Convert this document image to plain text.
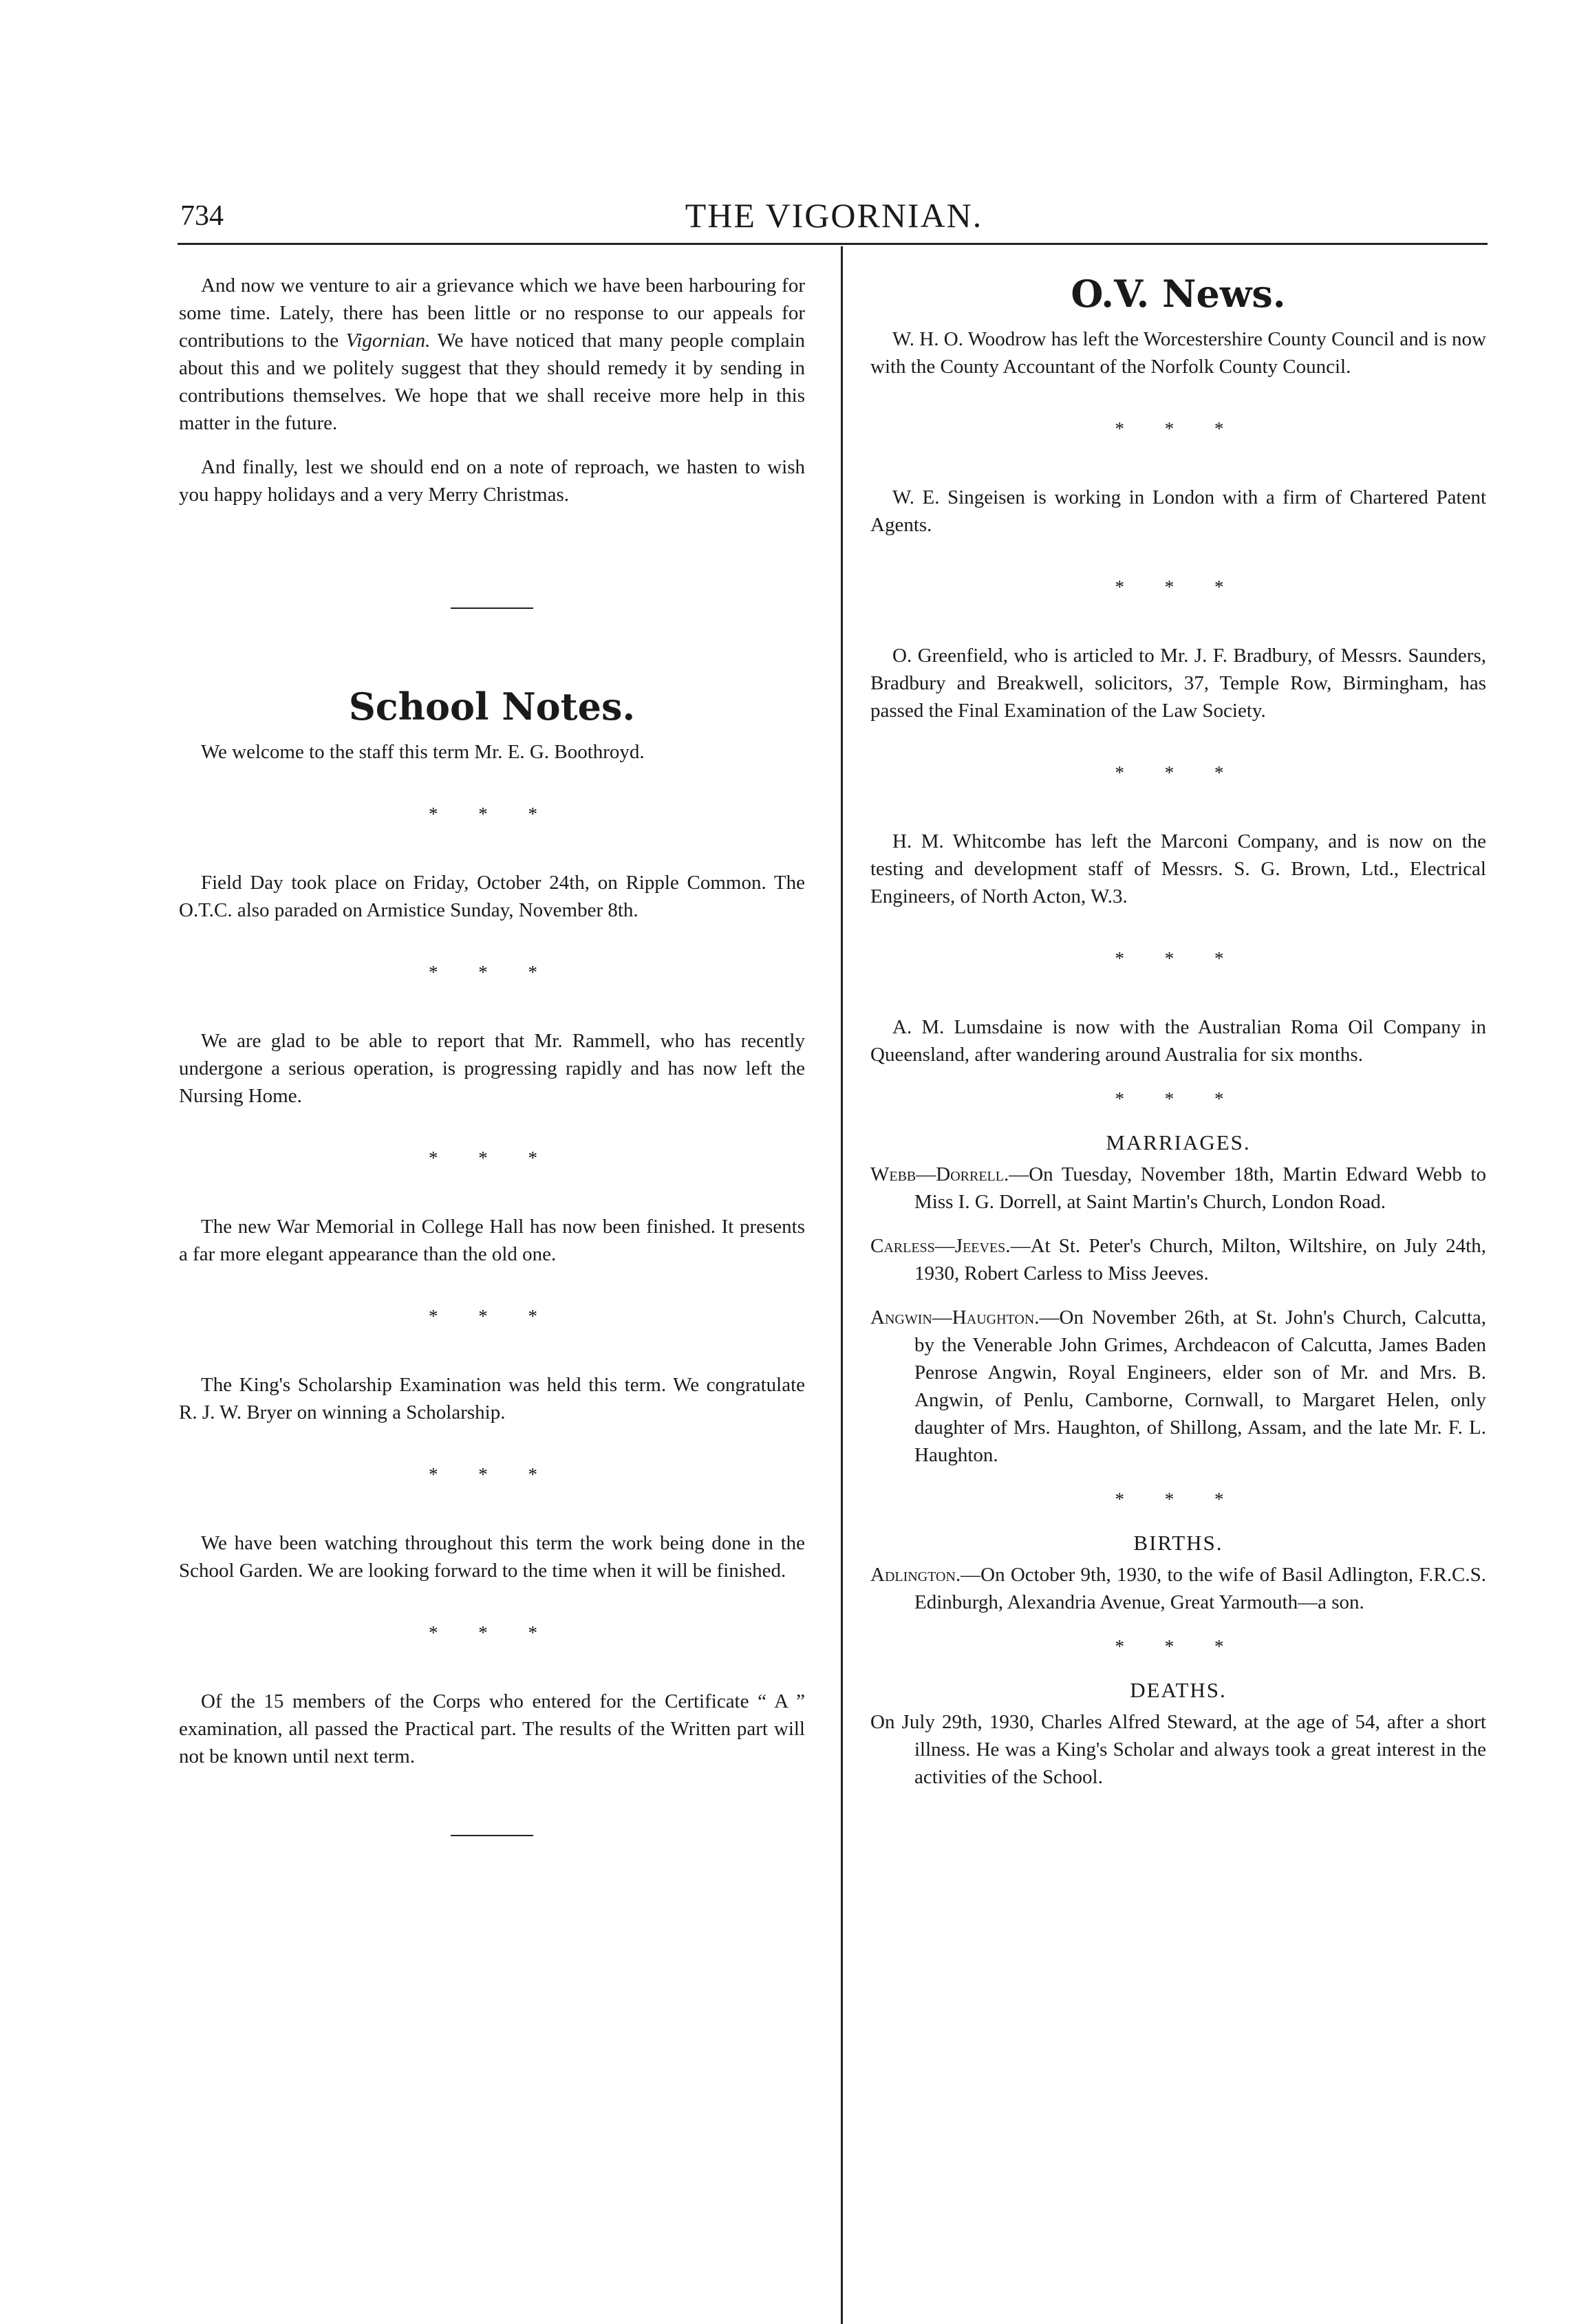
734	THE VIGORNIAN.

And now we venture to air a grievance which we have been harbouring for some time. Lately, there has been little or no response to our appeals for contributions to the Vigornian. We have noticed that many people complain about this and we politely suggest that they should remedy it by sending in contributions themselves. We hope that we shall receive more help in this matter in the future.

And finally, lest we should end on a note of reproach, we hasten to wish you happy holidays and a very Merry Christmas.

School Notes.

We welcome to the staff this term Mr. E. G. Boothroyd.

* * *

Field Day took place on Friday, October 24th, on Ripple Common. The O.T.C. also paraded on Armistice Sunday, November 8th.

* * *

We are glad to be able to report that Mr. Rammell, who has recently undergone a serious operation, is progressing rapidly and has now left the Nursing Home.

* * *

The new War Memorial in College Hall has now been finished. It presents a far more elegant appearance than the old one.

* * *

The King's Scholarship Examination was held this term. We congratulate R. J. W. Bryer on winning a Scholarship.

* * *

We have been watching throughout this term the work being done in the School Garden. We are looking forward to the time when it will be finished.

* * *

Of the 15 members of the Corps who entered for the Certificate “ A ” examination, all passed the Practical part. The results of the Written part will not be known until next term.

O.V. News.

W. H. O. Woodrow has left the Worcestershire County Council and is now with the County Accountant of the Norfolk County Council.

* * *

W. E. Singeisen is working in London with a firm of Chartered Patent Agents.

* * *

O. Greenfield, who is articled to Mr. J. F. Bradbury, of Messrs. Saunders, Bradbury and Breakwell, solicitors, 37, Temple Row, Birmingham, has passed the Final Examination of the Law Society.

* * *

H. M. Whitcombe has left the Marconi Company, and is now on the testing and development staff of Messrs. S. G. Brown, Ltd., Electrical Engineers, of North Acton, W.3.

* * *

A. M. Lumsdaine is now with the Australian Roma Oil Company in Queensland, after wandering around Australia for six months.

* * *
MARRIAGES.
Webb—Dorrell.—On Tuesday, November 18th, Martin Edward Webb to Miss I. G. Dorrell, at Saint Martin's Church, London Road.
Carless—Jeeves.—At St. Peter's Church, Milton, Wiltshire, on July 24th, 1930, Robert Carless to Miss Jeeves.
Angwin—Haughton.—On November 26th, at St. John's Church, Calcutta, by the Venerable John Grimes, Archdeacon of Calcutta, James Baden Penrose Angwin, Royal Engineers, elder son of Mr. and Mrs. B. Angwin, of Penlu, Camborne, Cornwall, to Margaret Helen, only daughter of Mrs. Haughton, of Shillong, Assam, and the late Mr. F. L. Haughton.
* * *
BIRTHS.
Adlington.—On October 9th, 1930, to the wife of Basil Adlington, F.R.C.S. Edinburgh, Alexandria Avenue, Great Yarmouth—a son.
* * *
DEATHS.
On July 29th, 1930, Charles Alfred Steward, at the age of 54, after a short illness. He was a King's Scholar and always took a great interest in the activities of the School.
